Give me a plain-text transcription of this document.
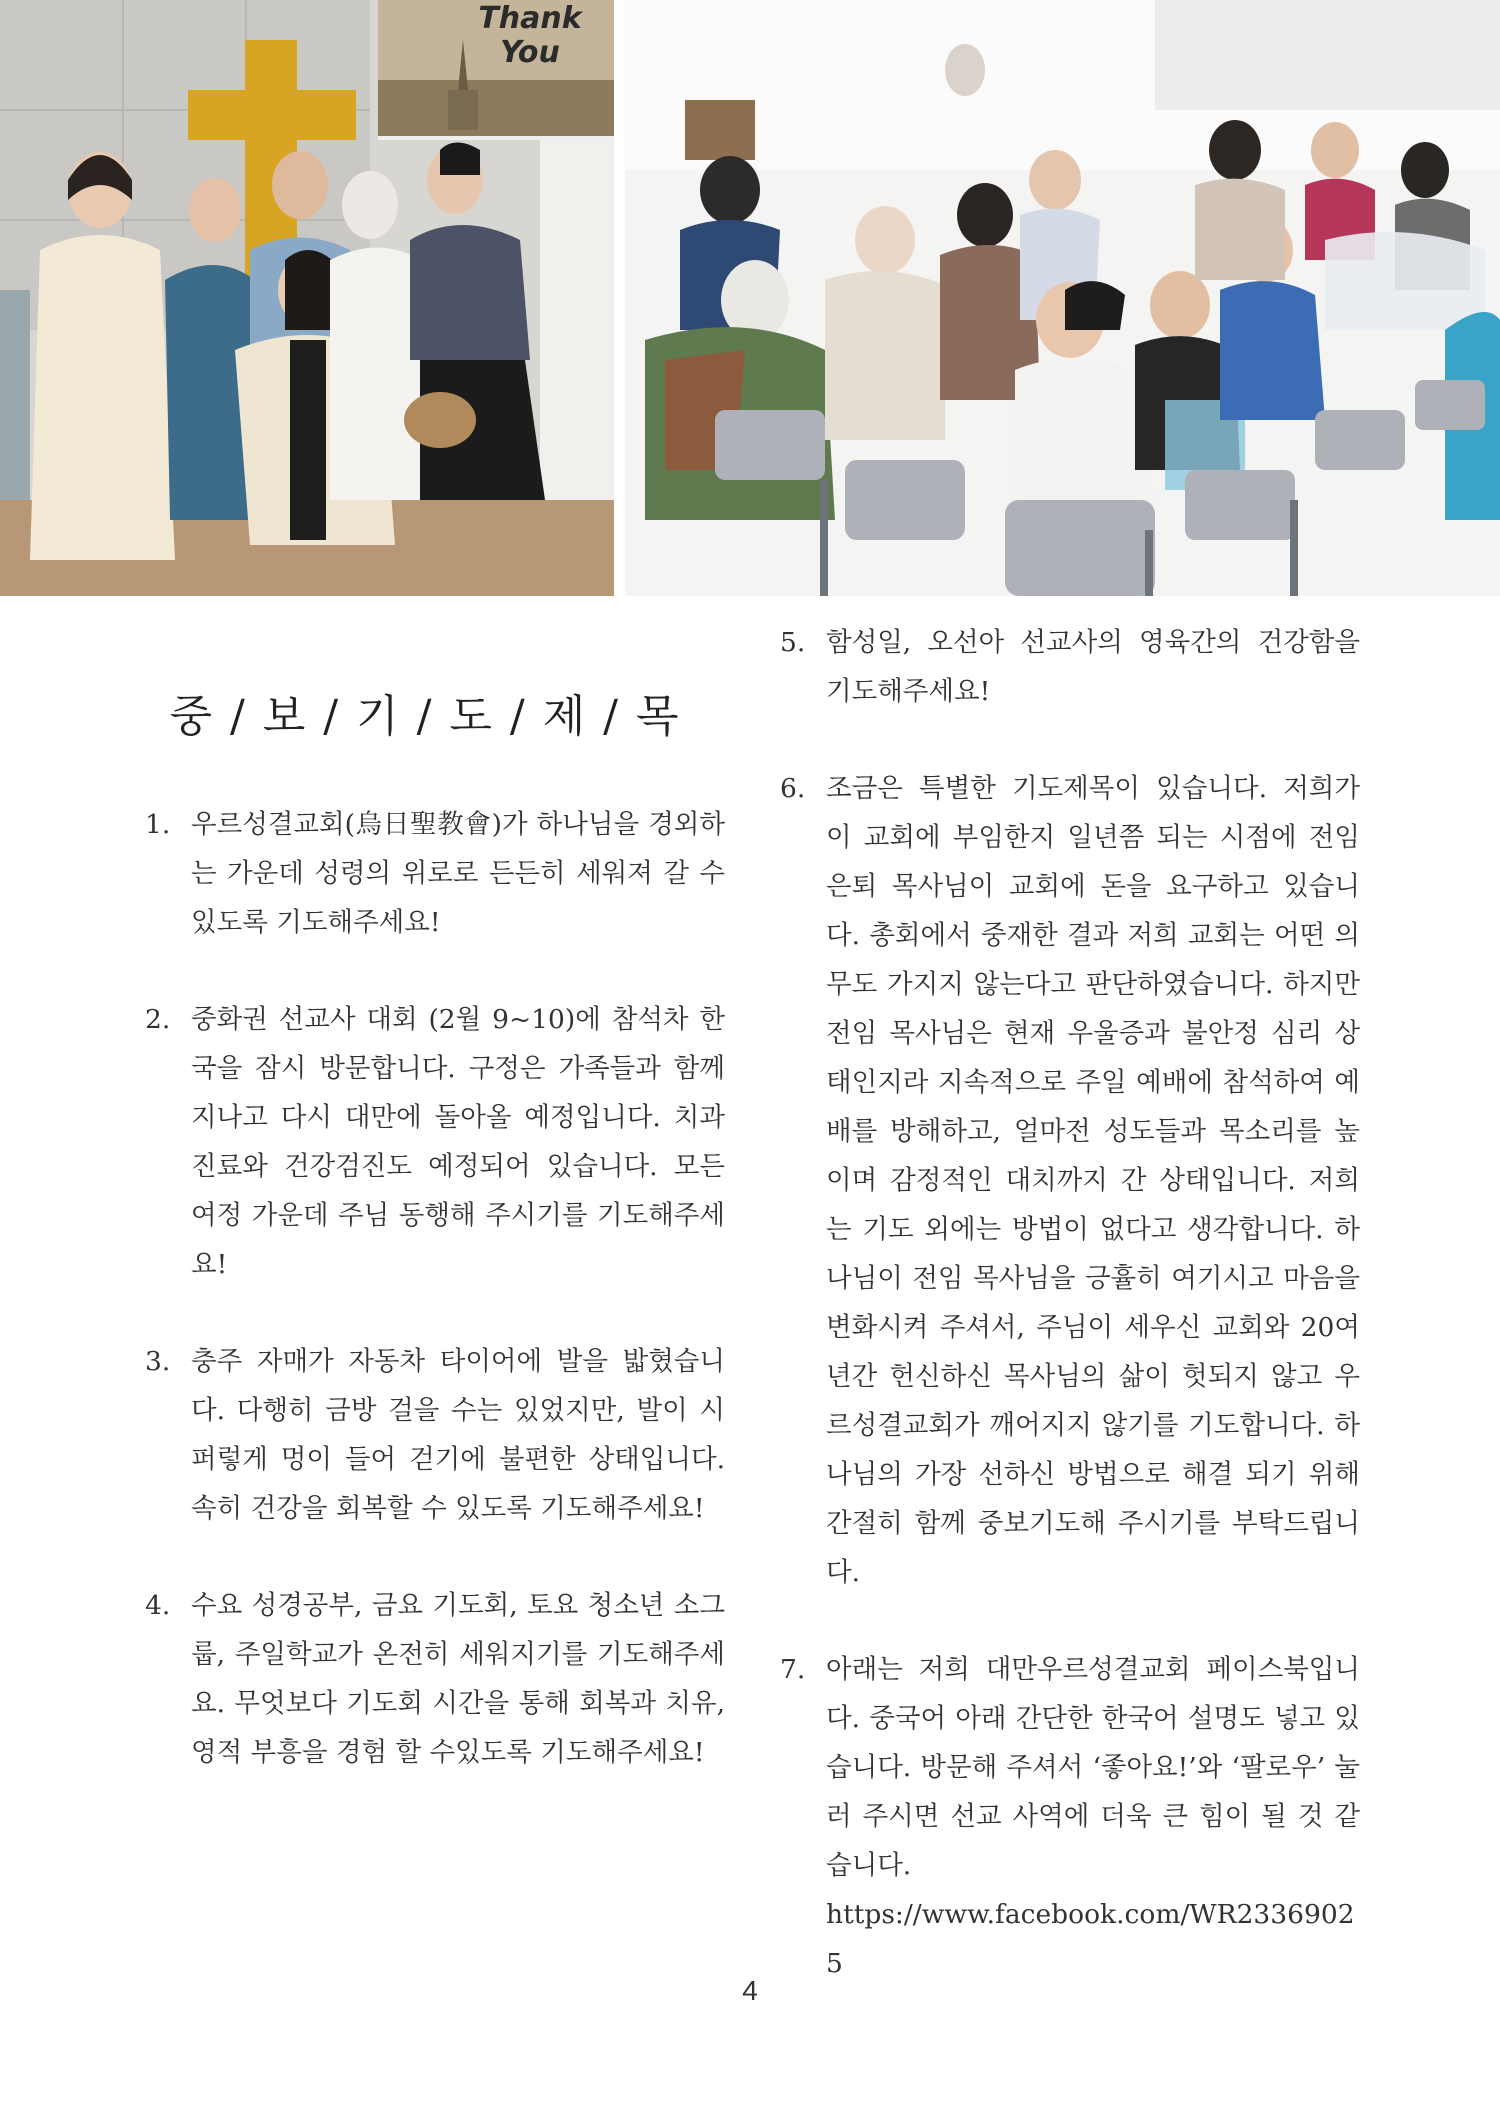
Thank
You
중 / 보 / 기 / 도 / 제 / 목
1. 우르성결교회(烏日聖教會)가 하나님을 경외하는 가운데 성령의 위로로 든든히 세워져 갈 수 있도록 기도해주세요!
2. 중화권 선교사 대회 (2월 9~10)에 참석차 한국을 잠시 방문합니다. 구정은 가족들과 함께 지나고 다시 대만에 돌아올 예정입니다. 치과진료와 건강검진도 예정되어 있습니다. 모든 여정 가운데 주님 동행해 주시기를 기도해주세요!
3. 충주 자매가 자동차 타이어에 발을 밟혔습니다. 다행히 금방 걸을 수는 있었지만, 발이 시퍼렇게 멍이 들어 걷기에 불편한 상태입니다. 속히 건강을 회복할 수 있도록 기도해주세요!
4. 수요 성경공부, 금요 기도회, 토요 청소년 소그룹, 주일학교가 온전히 세워지기를 기도해주세요. 무엇보다 기도회 시간을 통해 회복과 치유, 영적 부흥을 경험 할 수있도록 기도해주세요!
5. 함성일, 오선아 선교사의 영육간의 건강함을 기도해주세요!
6. 조금은 특별한 기도제목이 있습니다. 저희가 이 교회에 부임한지 일년쯤 되는 시점에 전임 은퇴 목사님이 교회에 돈을 요구하고 있습니다. 총회에서 중재한 결과 저희 교회는 어떤 의무도 가지지 않는다고 판단하였습니다. 하지만 전임 목사님은 현재 우울증과 불안정 심리 상태인지라 지속적으로 주일 예배에 참석하여 예배를 방해하고, 얼마전 성도들과 목소리를 높이며 감정적인 대치까지 간 상태입니다. 저희는 기도 외에는 방법이 없다고 생각합니다. 하나님이 전임 목사님을 긍휼히 여기시고 마음을 변화시켜 주셔서, 주님이 세우신 교회와 20여년간 헌신하신 목사님의 삶이 헛되지 않고 우르성결교회가 깨어지지 않기를 기도합니다. 하나님의 가장 선하신 방법으로 해결 되기 위해 간절히 함께 중보기도해 주시기를 부탁드립니다.
7. 아래는 저희 대만우르성결교회 페이스북입니다. 중국어 아래 간단한 한국어 설명도 넣고 있습니다. 방문해 주셔서 ‘좋아요!’와 ‘팔로우’ 눌러 주시면 선교 사역에 더욱 큰 힘이 될 것 같습니다.
https://www.facebook.com/WR23369025
4
